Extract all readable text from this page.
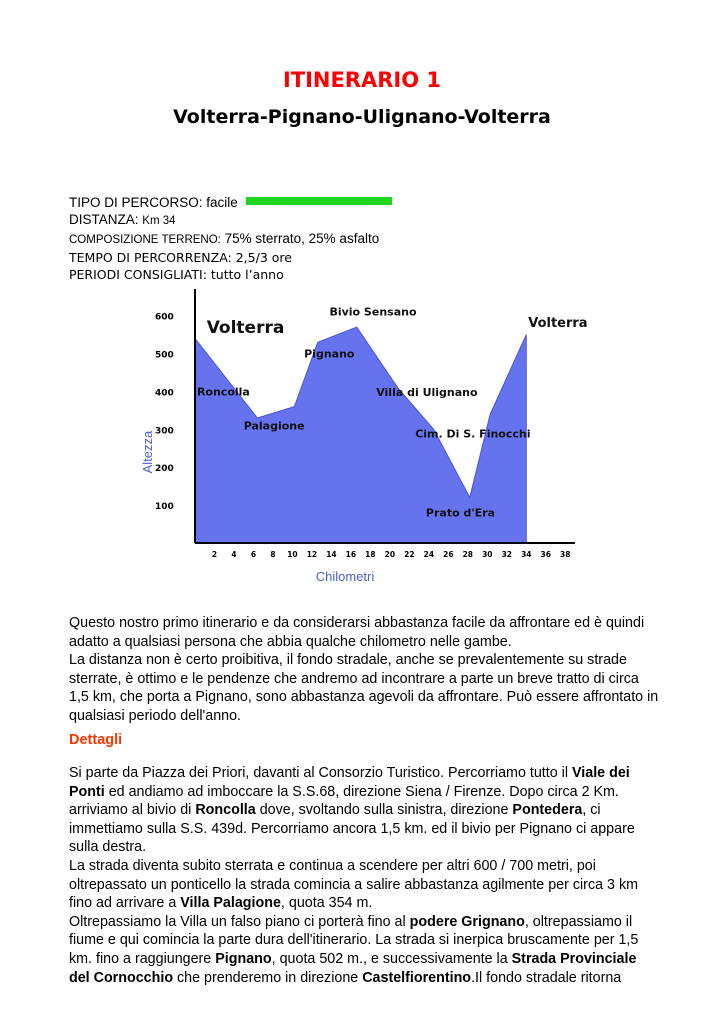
ITINERARIO 1
Volterra-Pignano-Ulignano-Volterra
TIPO DI PERCORSO: facile
DISTANZA: Km 34
COMPOSIZIONE TERRENO: 75% sterrato, 25% asfalto
TEMPO DI PERCORRENZA: 2,5/3 ore
PERIODI CONSIGLIATI: tutto l’anno
100
200
300
400
500
600
2 4 6 8 10 12 14 16 18 20 22 24 26 28 30 32 34 36 38
Chilometri
Altezza
Volterra
Roncolla
Palagione
Pignano
Bivio Sensano
Villa di Ulignano
Cim. Di S. Finocchi
Prato d'Era
Volterra
Questo nostro primo itinerario e da considerarsi abbastanza facile da affrontare ed è quindi adatto a qualsiasi persona che abbia qualche chilometro nelle gambe.
La distanza non è certo proibitiva, il fondo stradale, anche se prevalentemente su strade sterrate, è ottimo e le pendenze che andremo ad incontrare a parte un breve tratto di circa 1,5 km, che porta a Pignano, sono abbastanza agevoli da affrontare. Può essere affrontato in qualsiasi periodo dell'anno.
Dettagli
Si parte da Piazza dei Priori, davanti al Consorzio Turistico. Percorriamo tutto il Viale dei Ponti ed andiamo ad imboccare la S.S.68, direzione Siena / Firenze. Dopo circa 2 Km. arriviamo al bivio di Roncolla dove, svoltando sulla sinistra, direzione Pontedera, ci immettiamo sulla S.S. 439d. Percorriamo ancora 1,5 km. ed il bivio per Pignano ci appare sulla destra.
La strada diventa subito sterrata e continua a scendere per altri 600 / 700 metri, poi oltrepassato un ponticello la strada comincia a salire abbastanza agilmente per circa 3 km fino ad arrivare a Villa Palagione, quota 354 m.
Oltrepassiamo la Villa un falso piano ci porterà fino al podere Grignano, oltrepassiamo il fiume e qui comincia la parte dura dell'itinerario. La strada si inerpica bruscamente per 1,5 km. fino a raggiungere Pignano, quota 502 m., e successivamente la Strada Provinciale del Cornocchio che prenderemo in direzione Castelfiorentino.Il fondo stradale ritorna
